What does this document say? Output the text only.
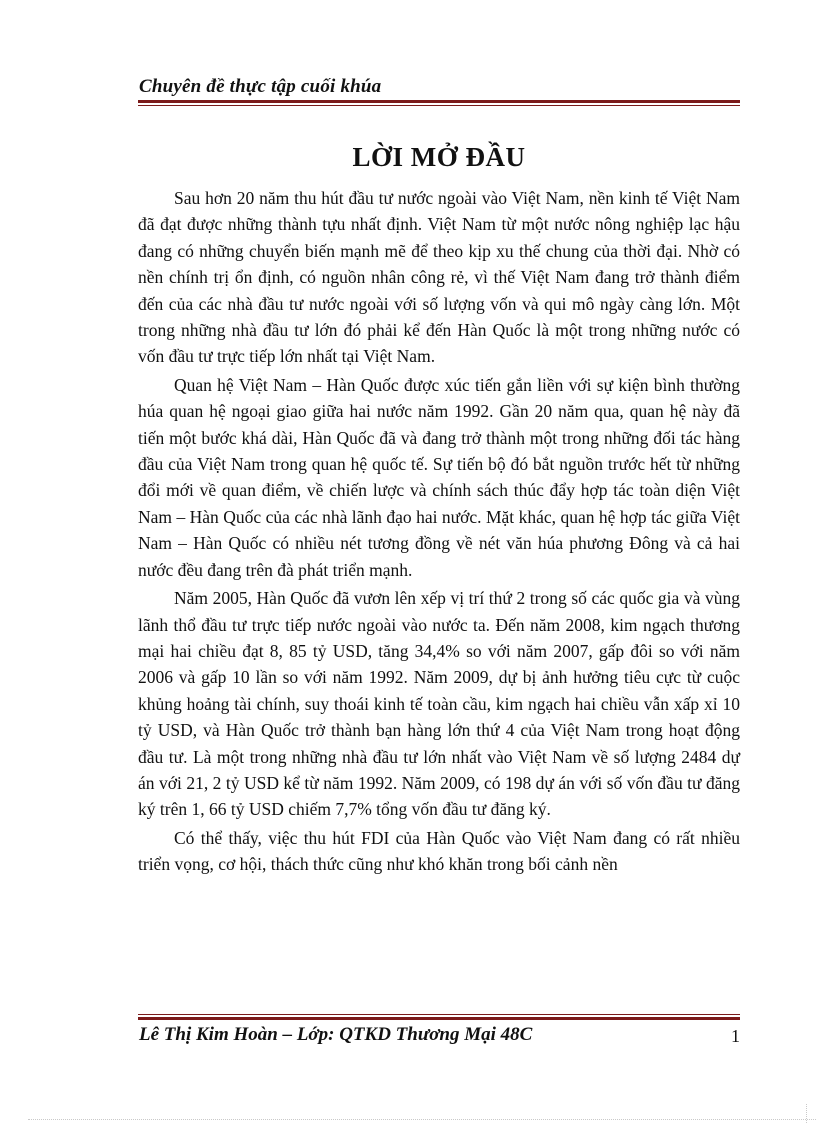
Chuyên đề thực tập cuối khúa
LỜI MỞ ĐẦU

Sau hơn 20 năm thu hút đầu tư nước ngoài vào Việt Nam, nền kinh tế Việt Nam đã đạt được những thành tựu nhất định. Việt Nam từ một nước nông nghiệp lạc hậu đang có những chuyển biến mạnh mẽ để theo kịp xu thế chung của thời đại. Nhờ có nền chính trị ổn định, có nguồn nhân công rẻ, vì thế Việt Nam đang trở thành điểm đến của các nhà đầu tư nước ngoài với số lượng vốn và qui mô ngày càng lớn. Một trong những nhà đầu tư lớn đó phải kể đến Hàn Quốc là một trong những nước có vốn đầu tư trực tiếp lớn nhất tại Việt Nam.

Quan hệ Việt Nam – Hàn Quốc được xúc tiến gắn liền với sự kiện bình thường húa quan hệ ngoại giao giữa hai nước năm 1992. Gần 20 năm qua, quan hệ này đã tiến một bước khá dài, Hàn Quốc đã và đang trở thành một trong những đối tác hàng đầu của Việt Nam trong quan hệ quốc tế. Sự tiến bộ đó bắt nguồn trước hết từ những đổi mới về quan điểm, về chiến lược và chính sách thúc đẩy hợp tác toàn diện Việt Nam – Hàn Quốc của các nhà lãnh đạo hai nước. Mặt khác, quan hệ hợp tác giữa Việt Nam – Hàn Quốc có nhiều nét tương đồng về nét văn húa phương Đông và cả hai nước đều đang trên đà phát triển mạnh.

Năm 2005, Hàn Quốc đã vươn lên xếp vị trí thứ 2 trong số các quốc gia và vùng lãnh thổ đầu tư trực tiếp nước ngoài vào nước ta. Đến năm 2008, kim ngạch thương mại hai chiều đạt 8, 85 tỷ USD, tăng 34,4% so với năm 2007, gấp đôi so với năm 2006 và gấp 10 lần so với năm 1992. Năm 2009, dự bị ảnh hưởng tiêu cực từ cuộc khủng hoảng tài chính, suy thoái kinh tế toàn cầu, kim ngạch hai chiều vẫn xấp xỉ 10 tỷ USD, và Hàn Quốc trở thành bạn hàng lớn thứ 4 của Việt Nam trong hoạt động đầu tư. Là một trong những nhà đầu tư lớn nhất vào Việt Nam về số lượng 2484 dự án với 21, 2 tỷ USD kể từ năm 1992. Năm 2009, có 198 dự án với số vốn đầu tư đăng ký trên 1, 66 tỷ USD chiếm 7,7% tổng vốn đầu tư đăng ký.

Có thể thấy, việc thu hút FDI của Hàn Quốc vào Việt Nam đang có rất nhiều triển vọng, cơ hội, thách thức cũng như khó khăn trong bối cảnh nền

Lê Thị Kim Hoàn – Lớp: QTKD Thương Mại 48C	1
